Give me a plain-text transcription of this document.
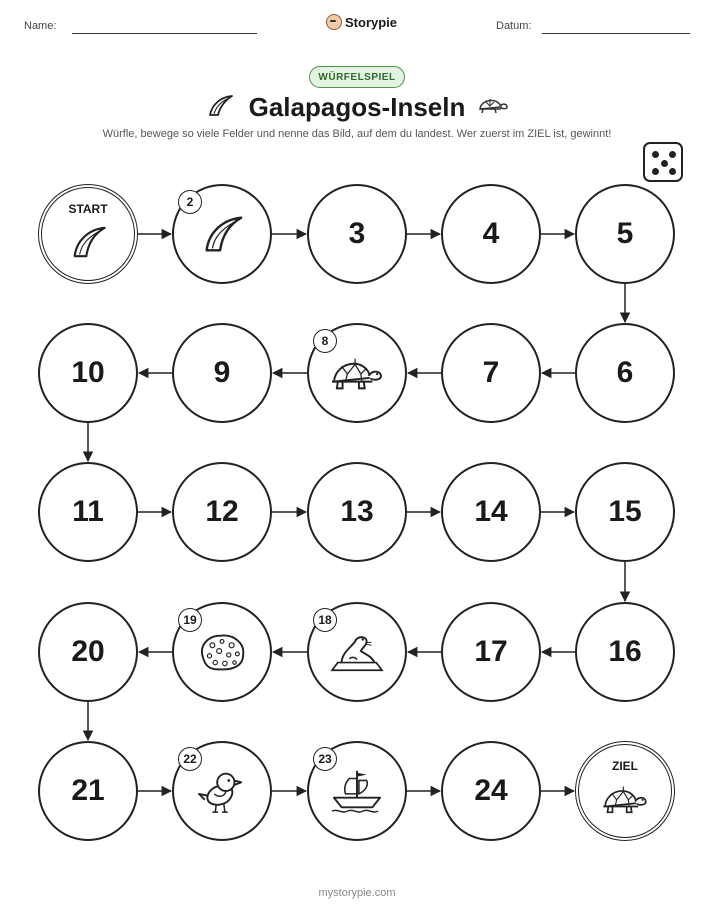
Name:	Storypie	Datum:
WÜRFELSPIEL
Galapagos-Inseln
Würfle, bewege so viele Felder und nenne das Bild, auf dem du landest. Wer zuerst im ZIEL ist, gewinnt!
START	2
3	4	5
6
7
8
9
10
11	12	13	14	15
16
17
18
19
20
21
22	23
24
ZIEL
mystorypie.com
